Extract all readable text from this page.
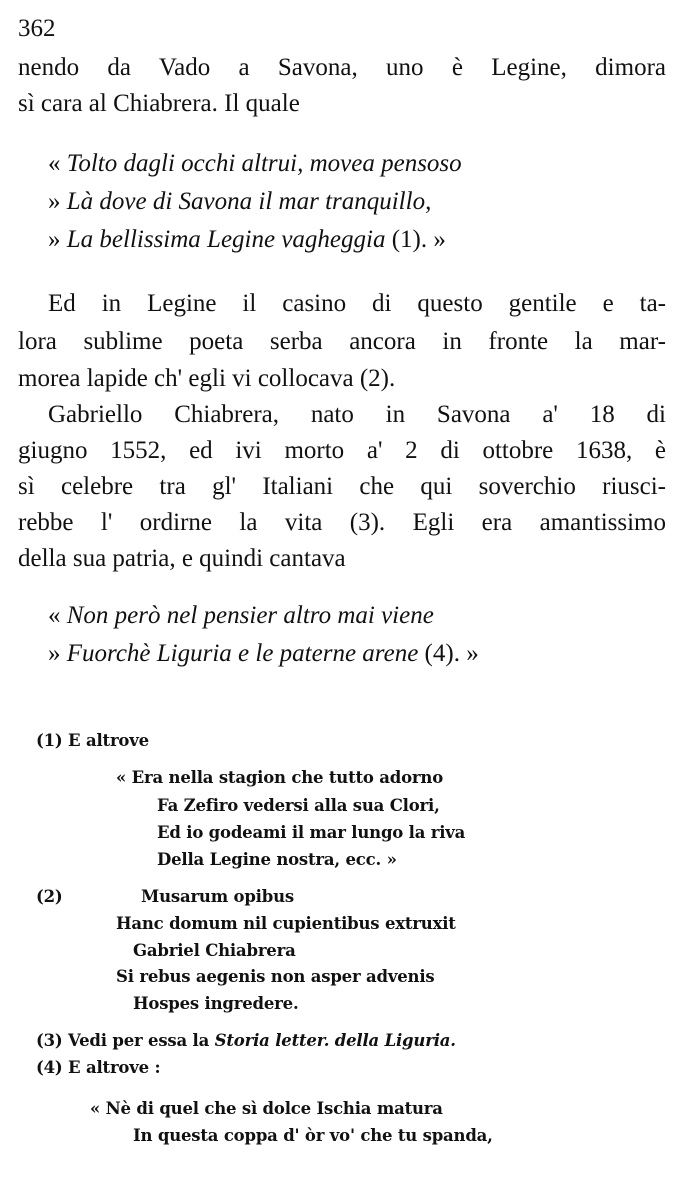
362
nendo da Vado a Savona, uno è Legine, dimora
sì cara al Chiabrera. Il quale
« Tolto dagli occhi altrui, movea pensoso
» Là dove di Savona il mar tranquillo,
» La bellissima Legine vagheggia (1). »
Ed in Legine il casino di questo gentile e ta-
lora sublime poeta serba ancora in fronte la mar-
morea lapide ch' egli vi collocava (2).
Gabriello Chiabrera, nato in Savona a' 18 di
giugno 1552, ed ivi morto a' 2 di ottobre 1638, è
sì celebre tra gl' Italiani che qui soverchio riusci-
rebbe l' ordirne la vita (3). Egli era amantissimo
della sua patria, e quindi cantava
« Non però nel pensier altro mai viene
» Fuorchè Liguria e le paterne arene (4). »
(1) E altrove
« Era nella stagion che tutto adorno
Fa Zefiro vedersi alla sua Clori,
Ed io godeami il mar lungo la riva
Della Legine nostra, ecc. »
(2)	Musarum opibus
Hanc domum nil cupientibus extruxit
Gabriel Chiabrera
Si rebus aegenis non asper advenis
Hospes ingredere.
(3) Vedi per essa la Storia letter. della Liguria.
(4) E altrove :
« Nè di quel che sì dolce Ischia matura
In questa coppa d' òr vo' che tu spanda,
